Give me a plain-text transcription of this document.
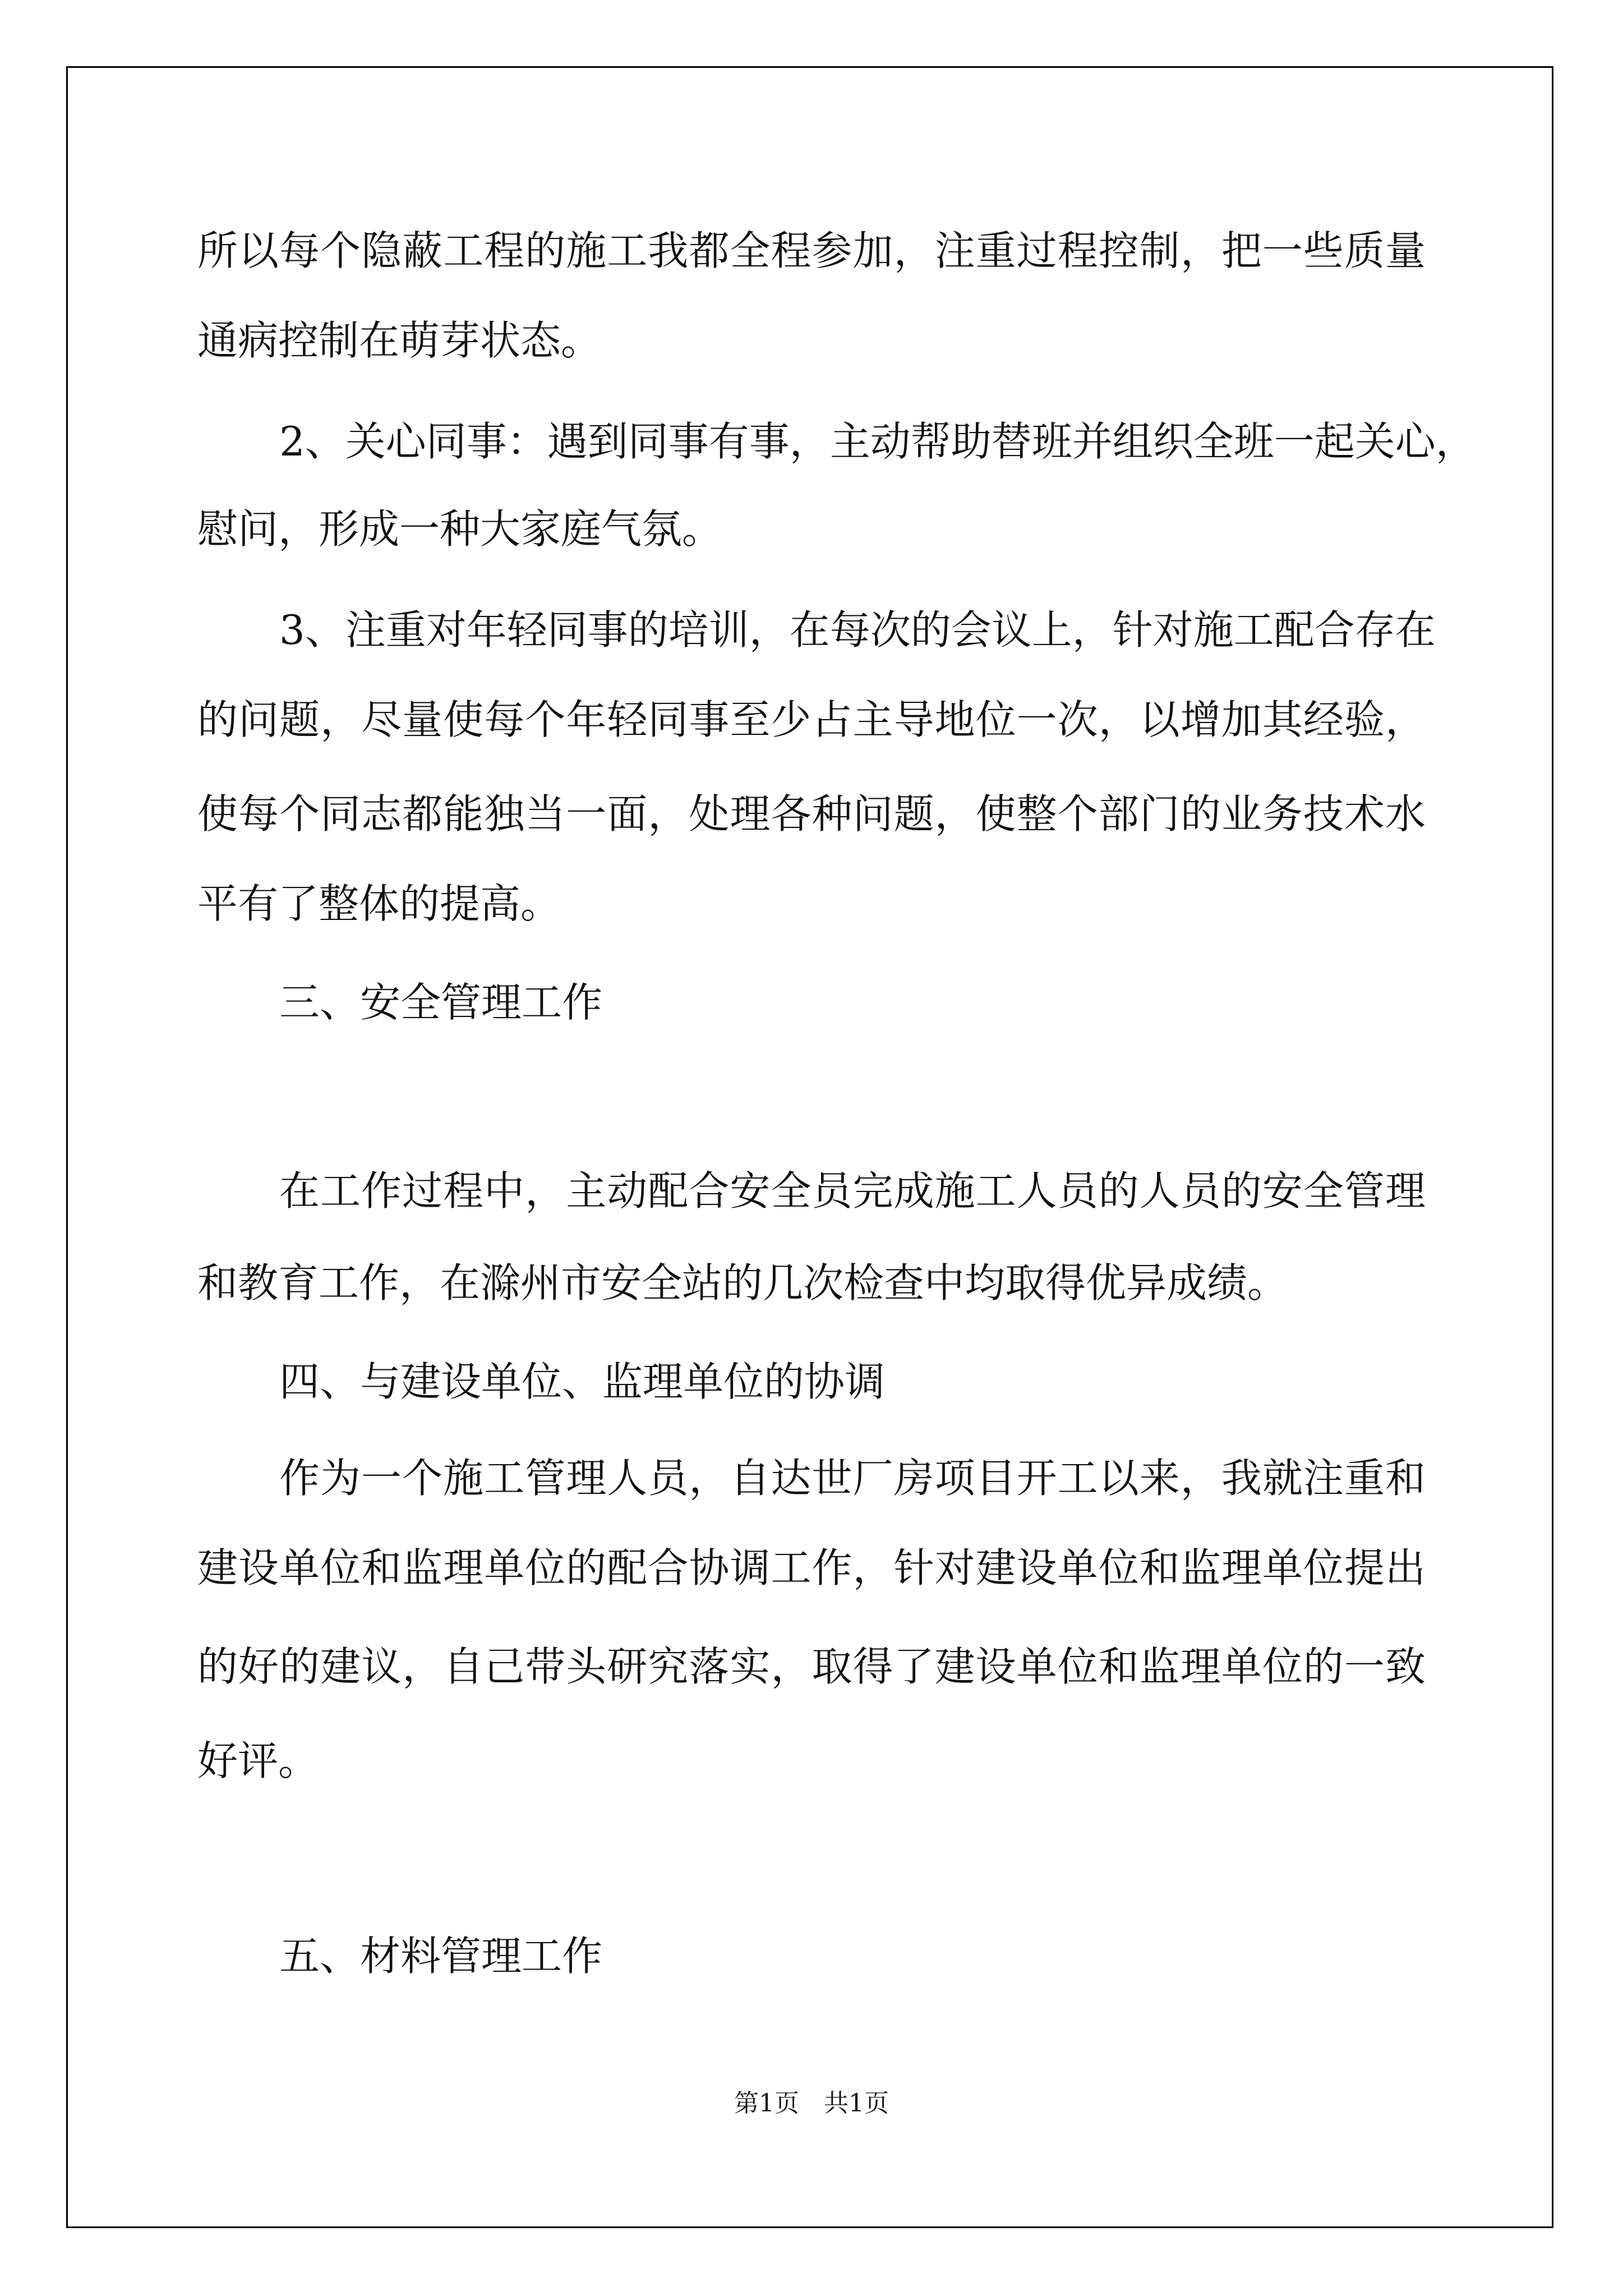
所以每个隐蔽工程的施工我都全程参加，注重过程控制，把一些质量
通病控制在萌芽状态。
2、关心同事：遇到同事有事，主动帮助替班并组织全班一起关心，
慰问，形成一种大家庭气氛。
3、注重对年轻同事的培训，在每次的会议上，针对施工配合存在
的问题，尽量使每个年轻同事至少占主导地位一次，以增加其经验，
使每个同志都能独当一面，处理各种问题，使整个部门的业务技术水
平有了整体的提高。
三、安全管理工作
在工作过程中，主动配合安全员完成施工人员的人员的安全管理
和教育工作，在滁州市安全站的几次检查中均取得优异成绩。
四、与建设单位、监理单位的协调
作为一个施工管理人员，自达世厂房项目开工以来，我就注重和
建设单位和监理单位的配合协调工作，针对建设单位和监理单位提出
的好的建议，自己带头研究落实，取得了建设单位和监理单位的一致
好评。
五、材料管理工作
第1页　共1页
